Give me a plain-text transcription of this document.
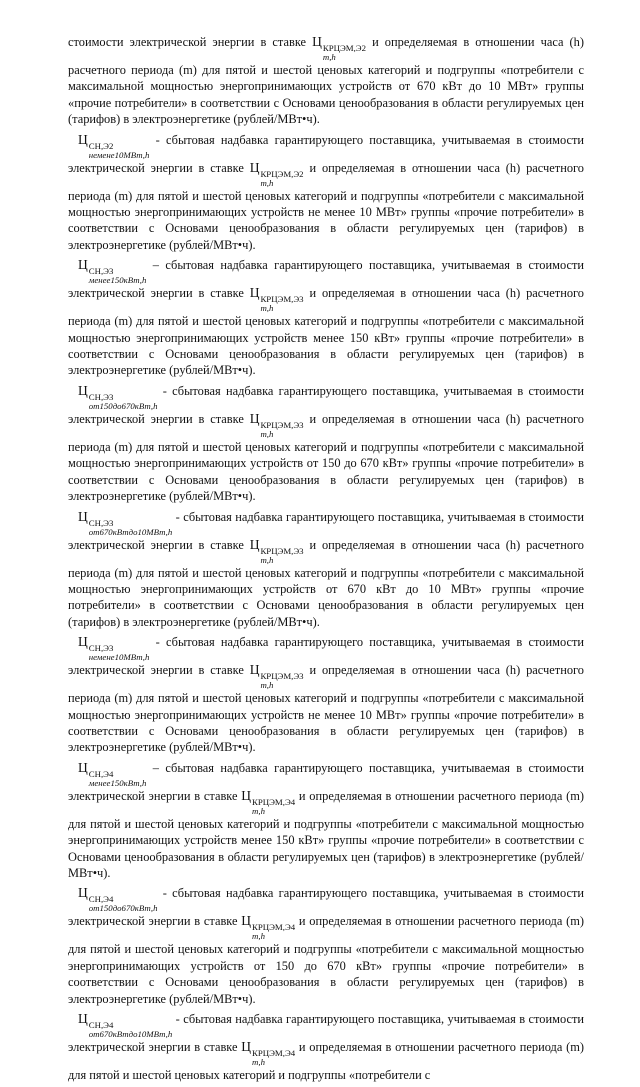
стоимости электрической энергии в ставке Ц КРЦЭМ,Э2
m,h
и определяемая в отношении часа (h) расчетного периода (m) для пятой и шестой ценовых категорий и подгруппы «потребители с максимальной мощностью энергопринимающих устройств от 670 кВт до 10 МВт» группы «прочие потребители» в соответствии с Основами ценообразования в области регулируемых цен (тарифов) в электроэнергетике (рублей/МВт•ч).

Ц СН,Э2
немене10МВт,h
- сбытовая надбавка гарантирующего поставщика, учитываемая в стоимости электрической энергии в ставке Ц КРЦЭМ,Э2
m,h
и определяемая в отношении часа (h) расчетного периода (m) для пятой и шестой ценовых категорий и подгруппы «потребители с максимальной мощностью энергопринимающих устройств не менее 10 МВт» группы «прочие потребители» в соответствии с Основами ценообразования в области регулируемых цен (тарифов) в электроэнергетике (рублей/МВт•ч).

Ц СН,Э3
менее150кВт,h
– сбытовая надбавка гарантирующего поставщика, учитываемая в стоимости электрической энергии в ставке Ц КРЦЭМ,Э3
m,h
и определяемая в отношении часа (h) расчетного периода (m) для пятой и шестой ценовых категорий и подгруппы «потребители с максимальной мощностью энергопринимающих устройств менее 150 кВт» группы «прочие потребители» в соответствии с Основами ценообразования в области регулируемых цен (тарифов) в электроэнергетике (рублей/МВт•ч).

Ц СН,Э3
от150до670кВт,h
- сбытовая надбавка гарантирующего поставщика, учитываемая в стоимости электрической энергии в ставке Ц КРЦЭМ,Э3
m,h
и определяемая в отношении часа (h) расчетного периода (m) для пятой и шестой ценовых категорий и подгруппы «потребители с максимальной мощностью энергопринимающих устройств от 150 до 670 кВт» группы «прочие потребители» в соответствии с Основами ценообразования в области регулируемых цен (тарифов) в электроэнергетике (рублей/МВт•ч).

Ц СН,Э3
от670кВтдо10МВт,h
- сбытовая надбавка гарантирующего поставщика, учитываемая в стоимости электрической энергии в ставке Ц КРЦЭМ,Э3
m,h
и определяемая в отношении часа (h) расчетного периода (m) для пятой и шестой ценовых категорий и подгруппы «потребители с максимальной мощностью энергопринимающих устройств от 670 кВт до 10 МВт» группы «прочие потребители» в соответствии с Основами ценообразования в области регулируемых цен (тарифов) в электроэнергетике (рублей/МВт•ч).

Ц СН,Э3
немене10МВт,h
- сбытовая надбавка гарантирующего поставщика, учитываемая в стоимости электрической энергии в ставке Ц КРЦЭМ,Э3
m,h
и определяемая в отношении часа (h) расчетного периода (m) для пятой и шестой ценовых категорий и подгруппы «потребители с максимальной мощностью энергопринимающих устройств не менее 10 МВт» группы «прочие потребители» в соответствии с Основами ценообразования в области регулируемых цен (тарифов) в электроэнергетике (рублей/МВт•ч).

Ц СН,Э4
менее150кВт,h
– сбытовая надбавка гарантирующего поставщика, учитываемая в стоимости электрической энергии в ставке Ц КРЦЭМ,Э4
m,h
и определяемая в отношении расчетного периода (m) для пятой и шестой ценовых категорий и подгруппы «потребители с максимальной мощностью энергопринимающих устройств менее 150 кВт» группы «прочие потребители» в соответствии с Основами ценообразования в области регулируемых цен (тарифов) в электроэнергетике (рублей/МВт•ч).

Ц СН,Э4
от150до670кВт,h
- сбытовая надбавка гарантирующего поставщика, учитываемая в стоимости электрической энергии в ставке Ц КРЦЭМ,Э4
m,h
и определяемая в отношении расчетного периода (m) для пятой и шестой ценовых категорий и подгруппы «потребители с максимальной мощностью энергопринимающих устройств от 150 до 670 кВт» группы «прочие потребители» в соответствии с Основами ценообразования в области регулируемых цен (тарифов) в электроэнергетике (рублей/МВт•ч).

Ц СН,Э4
от670кВтдо10МВт,h
- сбытовая надбавка гарантирующего поставщика, учитываемая в стоимости электрической энергии в ставке Ц КРЦЭМ,Э4
m,h
и определяемая в отношении расчетного периода (m) для пятой и шестой ценовых категорий и подгруппы «потребители с
